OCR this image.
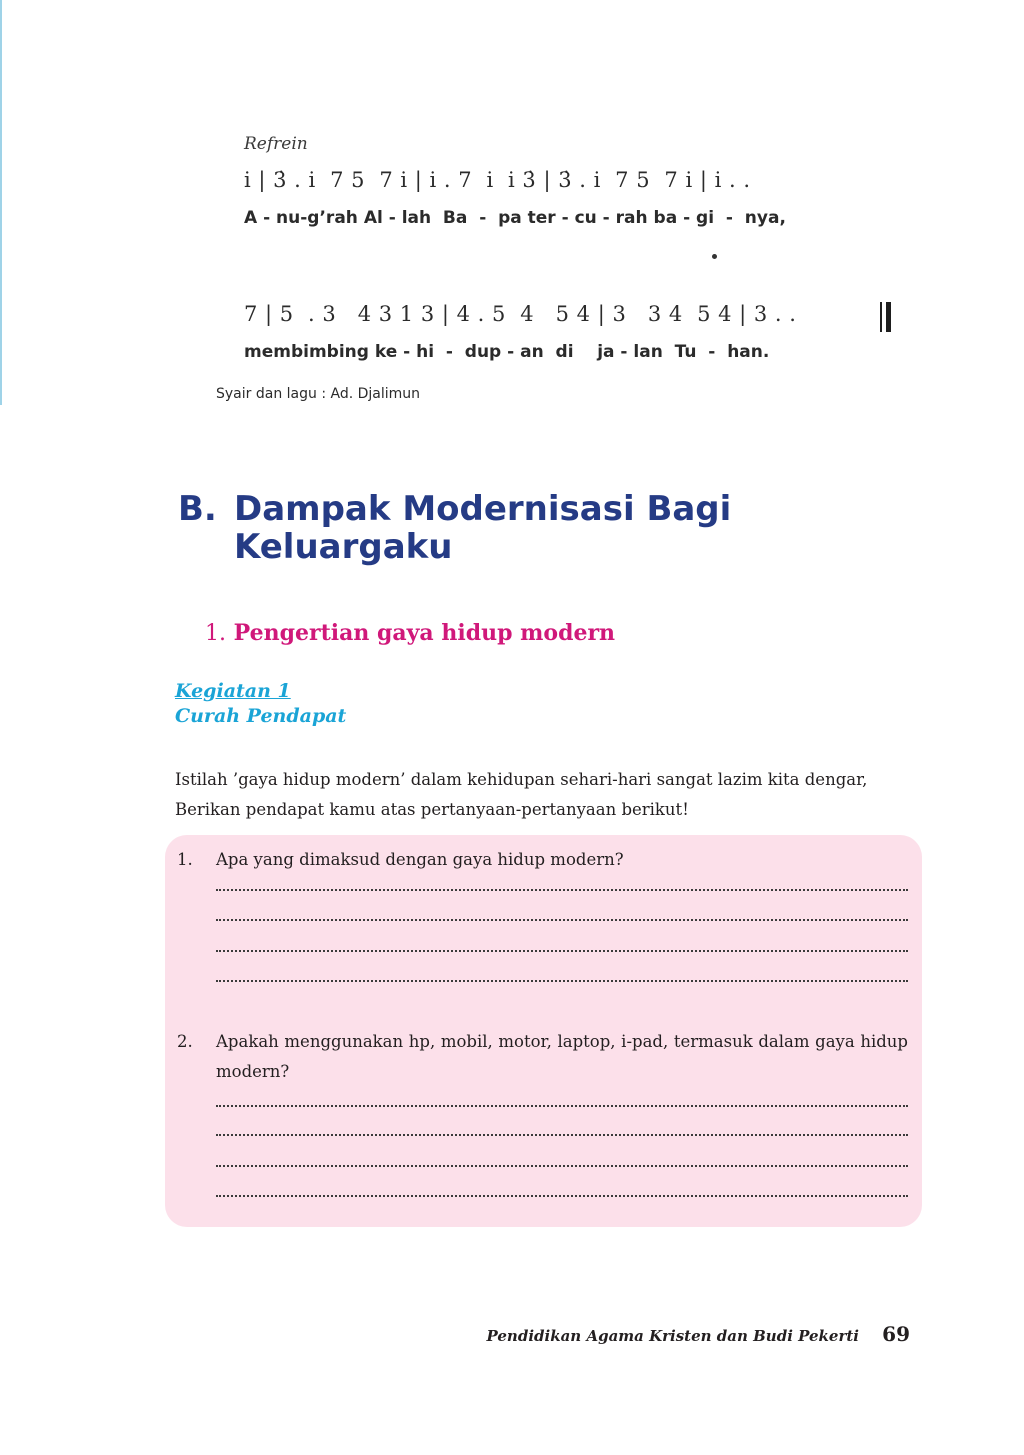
Refrein
i | 3̇ . i  7 5  7 i | i . 7  i  i 3̇ | 3̇ . i  7 5  7 i | i . .
A - nu-g’rah Al - lah  Ba  -  pa ter - cu - rah ba - gi  -  nya,
7 | 5  . 3   4 3 1 3 | 4 . 5  4   5 4 | 3   3 4  5 4 | 3 . .
membimbing ke - hi  -  dup - an  di    ja - lan  Tu  -  han.
Syair dan lagu : Ad. Djalimun
B. Dampak Modernisasi Bagi Keluargaku
1. Pengertian gaya hidup modern
Kegiatan 1
Curah Pendapat

Istilah ’gaya hidup modern’ dalam kehidupan sehari-hari sangat lazim kita dengar, Berikan pendapat kamu atas pertanyaan-pertanyaan berikut!

1. Apa yang dimaksud dengan gaya hidup modern?
2. Apakah menggunakan hp, mobil, motor, laptop, i-pad, termasuk dalam gaya hidup modern?
Pendidikan Agama Kristen dan Budi Pekerti 69
